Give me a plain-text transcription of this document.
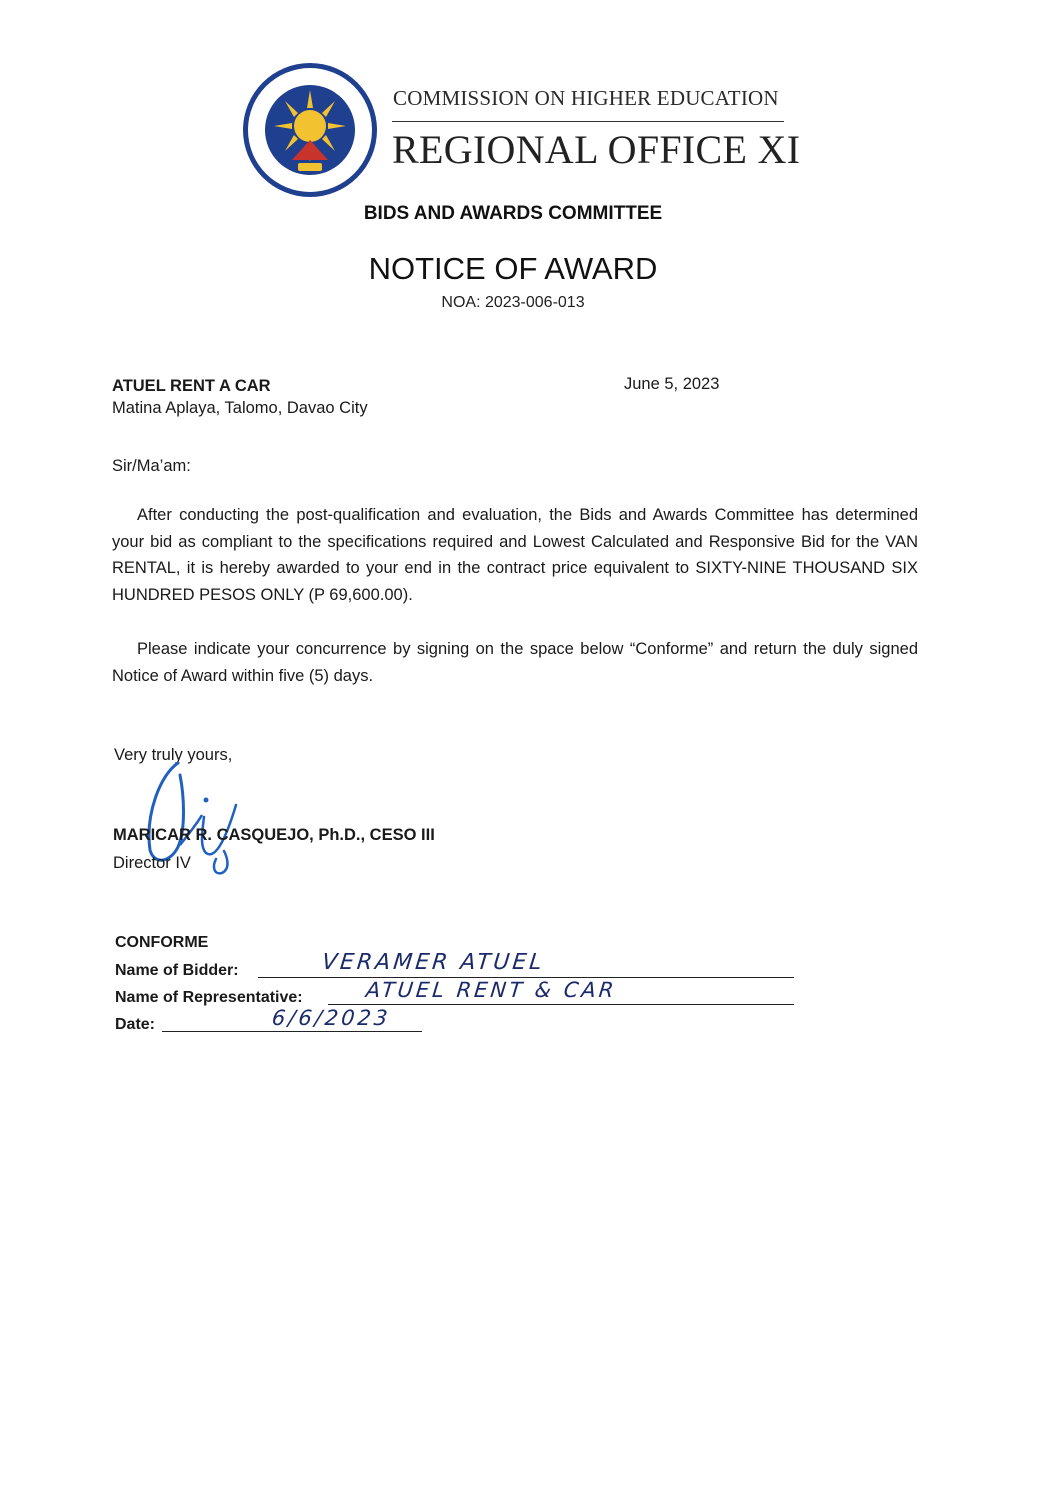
COMMISSION ON HIGHER EDUCATION
REGIONAL OFFICE XI
BIDS AND AWARDS COMMITTEE
NOTICE OF AWARD
NOA: 2023-006-013
ATUEL RENT A CAR
Matina Aplaya, Talomo, Davao City
June 5, 2023
Sir/Ma’am:
After conducting the post-qualification and evaluation, the Bids and Awards Committee has determined your bid as compliant to the specifications required and Lowest Calculated and Responsive Bid for the VAN RENTAL, it is hereby awarded to your end in the contract price equivalent to SIXTY-NINE THOUSAND SIX HUNDRED PESOS ONLY (P 69,600.00).
Please indicate your concurrence by signing on the space below “Conforme” and return the duly signed Notice of Award within five (5) days.
Very truly yours,
MARICAR R. CASQUEJO, Ph.D., CESO III
Director IV
CONFORME
Name of Bidder:	VERAMER ATUEL
Name of Representative:	ATUEL RENT & CAR
Date:	6/6/2023
